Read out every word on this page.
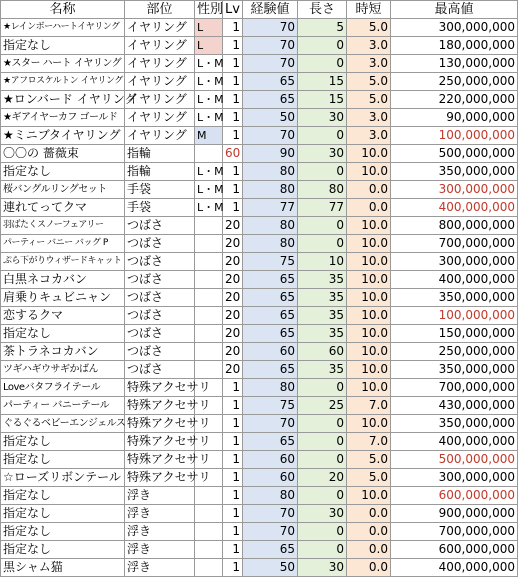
名称	部位	性別	Lv	経験値	長さ	時短	最高値
★レインボーハートイヤリング	イヤリング	L	1	70	5	5.0	300,000,000
指定なし	イヤリング	L	1	70	0	3.0	180,000,000
★スター ハート イヤリング	イヤリング	L・M	1	70	0	3.0	130,000,000
★アフロスケルトン イヤリング	イヤリング	L・M	1	65	15	5.0	250,000,000
★ロンバード イヤリング	イヤリング	L・M	1	65	15	5.0	220,000,000
★ギアイヤーカフ ゴールド	イヤリング	L・M	1	50	30	3.0	90,000,000
★ミニブタイヤリング	イヤリング	M	1	70	0	3.0	100,000,000
〇〇の 薔薇束	指輪		60	90	30	10.0	500,000,000
指定なし	指輪	L・M	1	80	0	10.0	350,000,000
桜バングルリングセット	手袋	L・M	1	80	80	0.0	300,000,000
連れてってクマ	手袋	L・M	1	77	77	0.0	400,000,000
羽ばたくスノーフェアリー	つばさ		20	80	0	10.0	800,000,000
パーティー バニー バッグ P	つばさ		20	80	0	10.0	700,000,000
ぷら下がりウィザードキャット	つばさ		20	75	10	10.0	300,000,000
白黒ネコカバン	つばさ		20	65	35	10.0	400,000,000
肩乗りキュビニャン	つばさ		20	65	35	10.0	350,000,000
恋するクマ	つばさ		20	65	35	10.0	100,000,000
指定なし	つばさ		20	65	35	10.0	150,000,000
茶トラネコカバン	つばさ		20	60	60	10.0	250,000,000
ツギハギウサギかばん	つばさ		20	65	35	10.0	350,000,000
Loveバタフライテール	特殊アクセサリ		1	80	0	10.0	700,000,000
パーティー バニーテール	特殊アクセサリ		1	75	25	7.0	430,000,000
ぐるぐるベビーエンジェルス	特殊アクセサリ		1	70	0	10.0	350,000,000
指定なし	特殊アクセサリ		1	65	0	7.0	400,000,000
指定なし	特殊アクセサリ		1	60	0	5.0	500,000,000
☆ローズリボンテール	特殊アクセサリ		1	60	20	5.0	300,000,000
指定なし	浮き		1	80	0	10.0	600,000,000
指定なし	浮き		1	70	30	0.0	900,000,000
指定なし	浮き		1	70	0	0.0	700,000,000
指定なし	浮き		1	65	0	0.0	600,000,000
黒シャム猫	浮き		1	50	30	0.0	400,000,000
